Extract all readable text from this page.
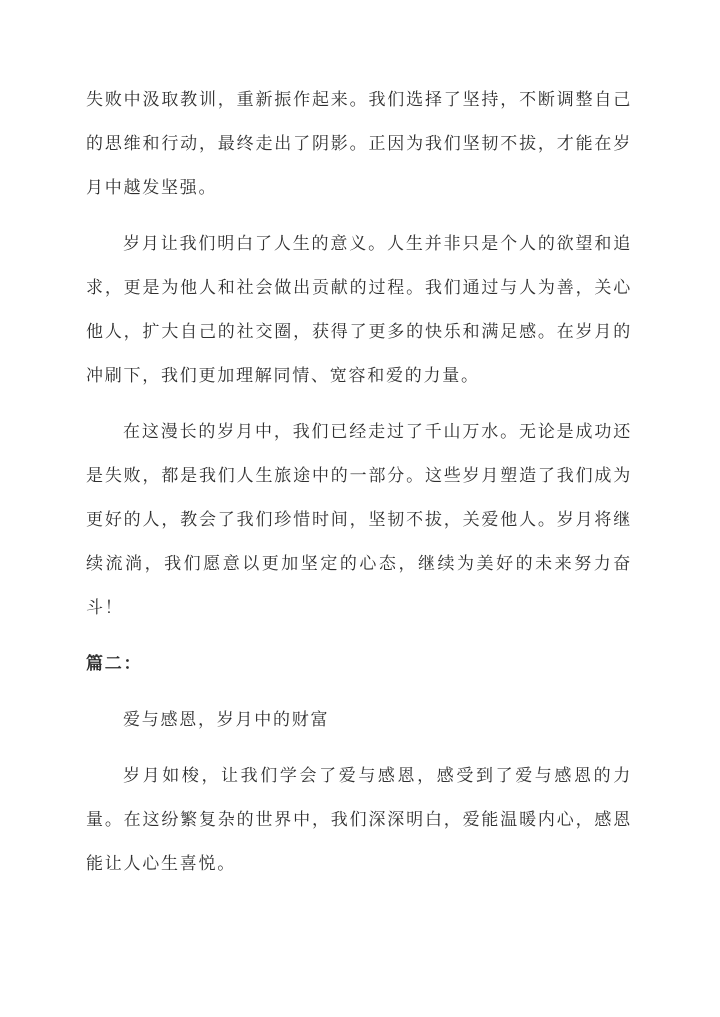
失败中汲取教训，重新振作起来。我们选择了坚持，不断调整自己的思维和行动，最终走出了阴影。正因为我们坚韧不拔，才能在岁月中越发坚强。

岁月让我们明白了人生的意义。人生并非只是个人的欲望和追求，更是为他人和社会做出贡献的过程。我们通过与人为善，关心他人，扩大自己的社交圈，获得了更多的快乐和满足感。在岁月的冲刷下，我们更加理解同情、宽容和爱的力量。

在这漫长的岁月中，我们已经走过了千山万水。无论是成功还是失败，都是我们人生旅途中的一部分。这些岁月塑造了我们成为更好的人，教会了我们珍惜时间，坚韧不拔，关爱他人。岁月将继续流淌，我们愿意以更加坚定的心态，继续为美好的未来努力奋斗！

篇二：

爱与感恩，岁月中的财富

岁月如梭，让我们学会了爱与感恩，感受到了爱与感恩的力量。在这纷繁复杂的世界中，我们深深明白，爱能温暖内心，感恩能让人心生喜悦。
